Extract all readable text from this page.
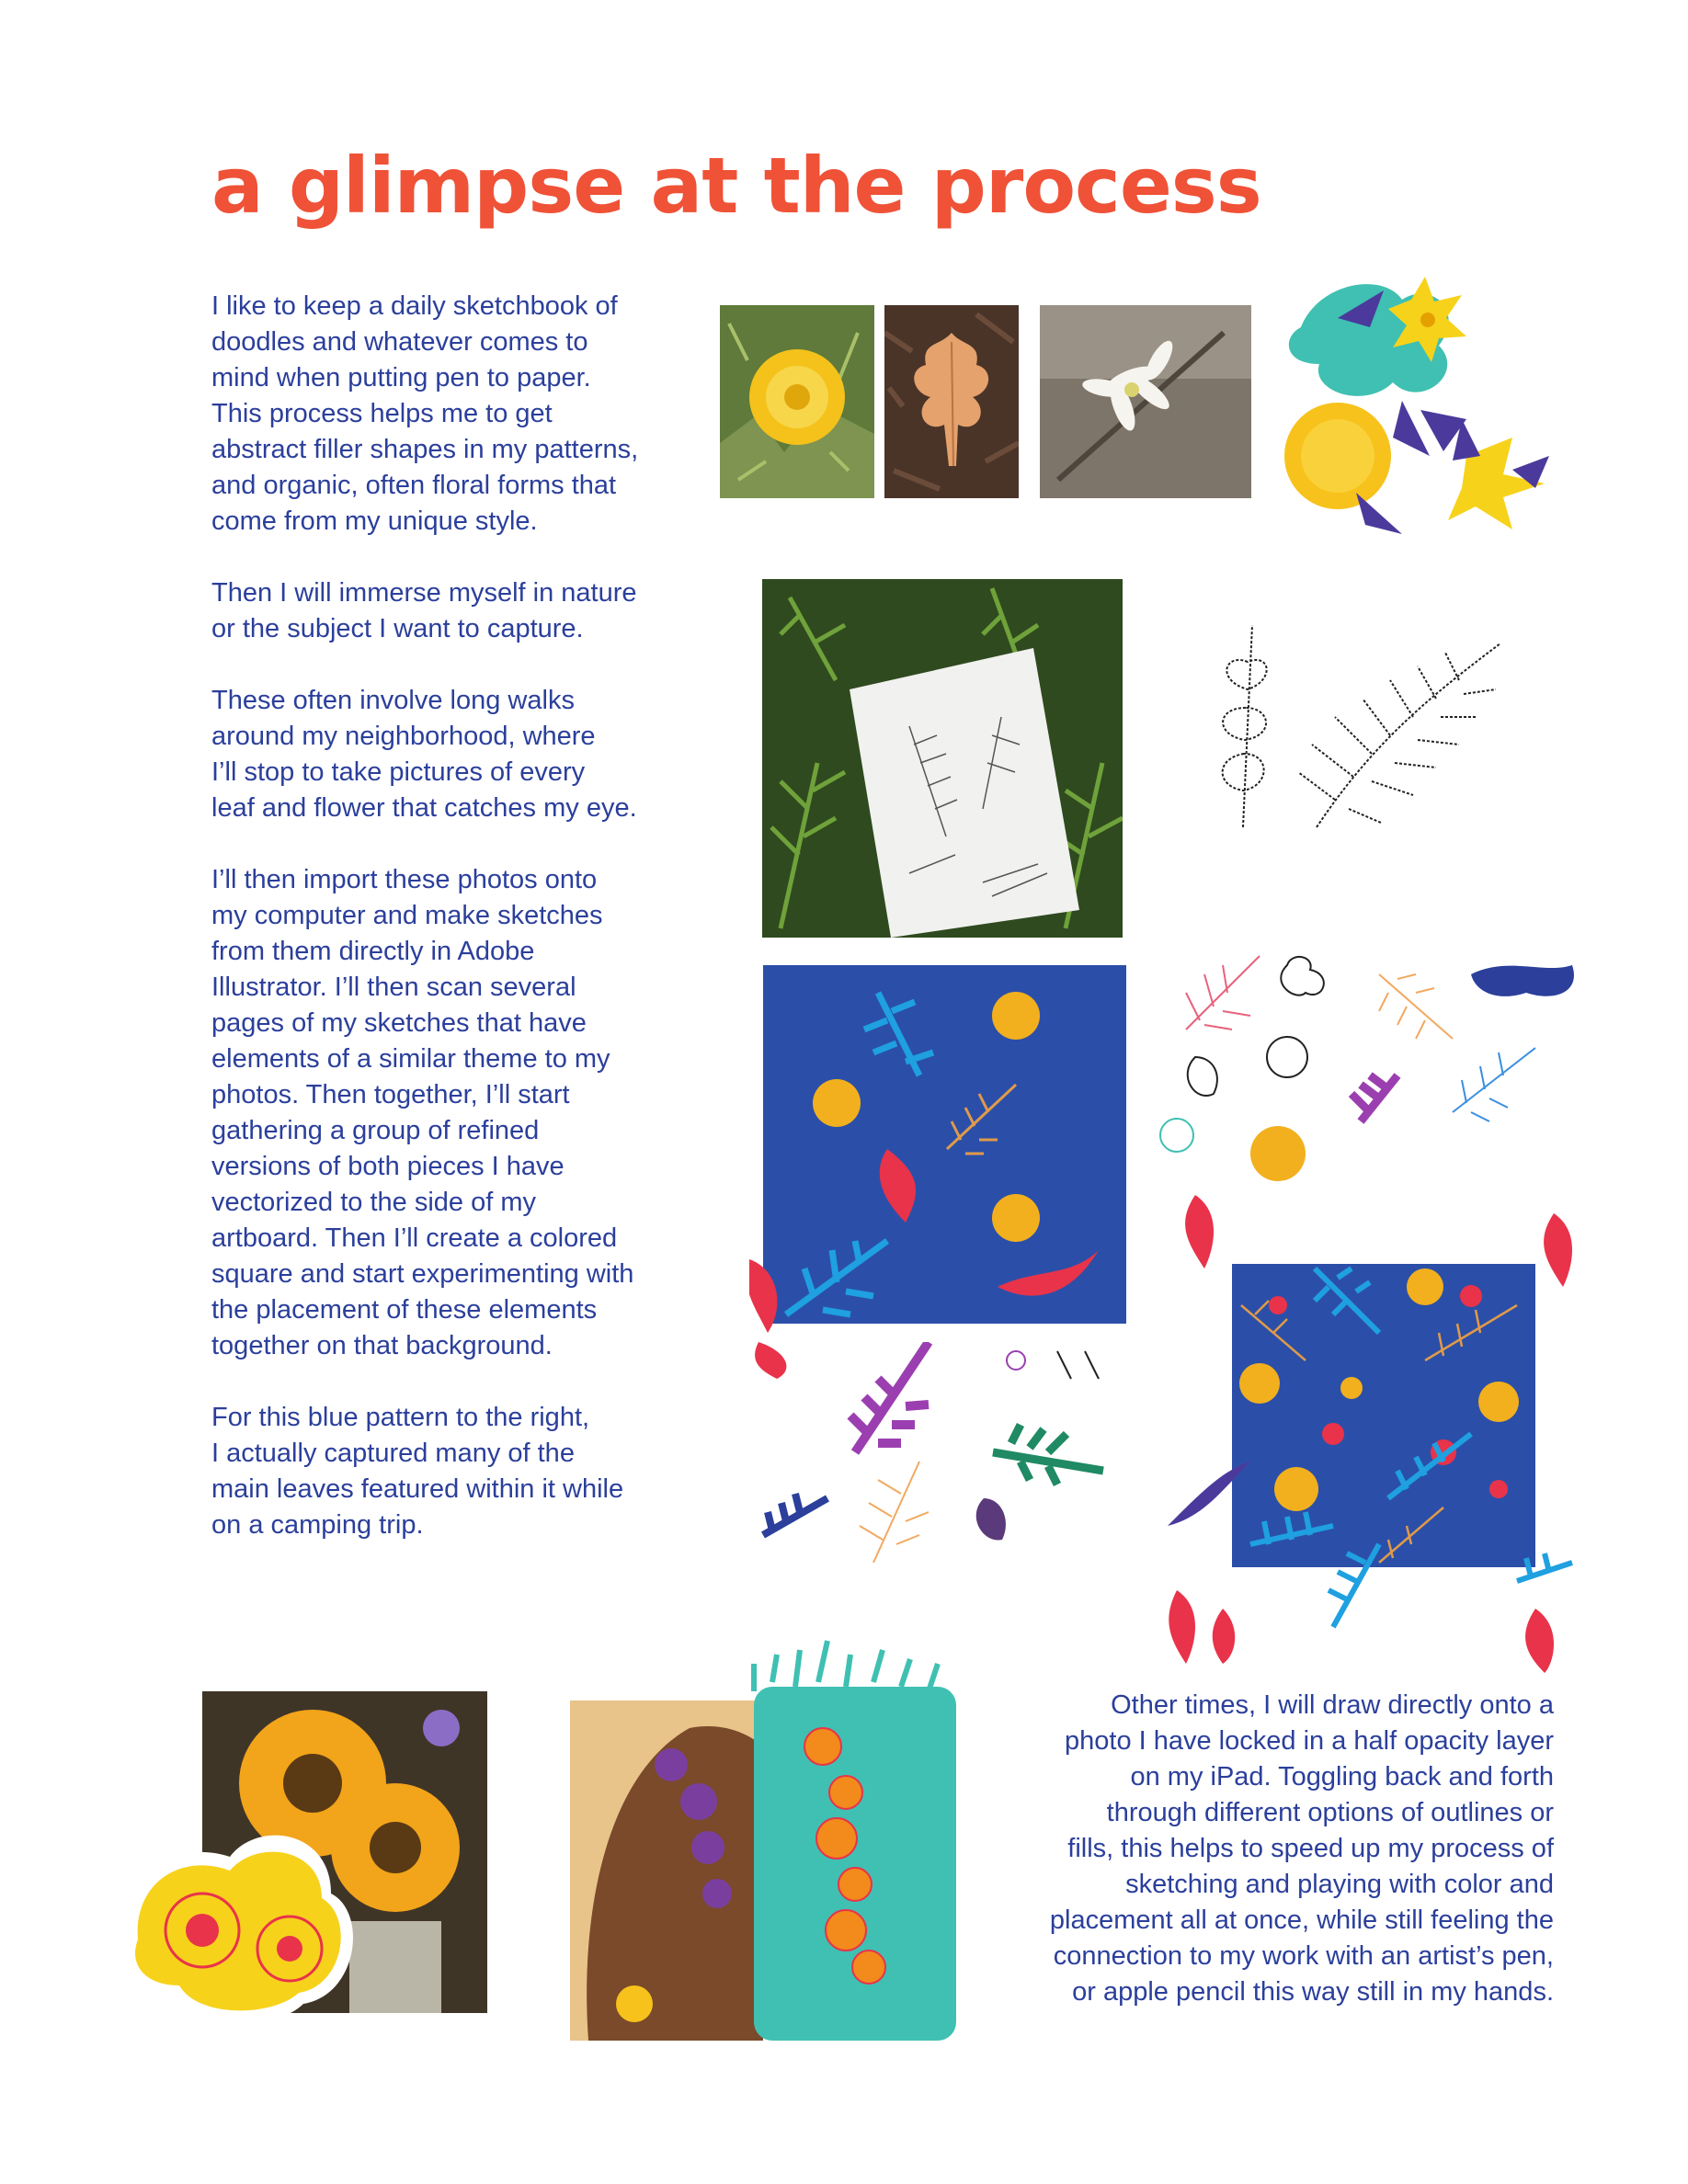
a glimpse at the process

I like to keep a daily sketchbook of
doodles and whatever comes to
mind when putting pen to paper.
This process helps me to get
abstract filler shapes in my patterns,
and organic, often floral forms that
come from my unique style.

Then I will immerse myself in nature
or the subject I want to capture.

These often involve long walks
around my neighborhood, where
I’ll stop to take pictures of every
leaf and flower that catches my eye.

I’ll then import these photos onto
my computer and make sketches
from them directly in Adobe
Illustrator. I’ll then scan several
pages of my sketches that have
elements of a similar theme to my
photos. Then together, I’ll start
gathering a group of refined
versions of both pieces I have
vectorized to the side of my
artboard. Then I’ll create a colored
square and start experimenting with
the placement of these elements
together on that background.

For this blue pattern to the right,
I actually captured many of the
main leaves featured within it while
on a camping trip.

Other times, I will draw directly onto a
photo I have locked in a half opacity layer
on my iPad. Toggling back and forth
through different options of outlines or
fills, this helps to speed up my process of
sketching and playing with color and
placement all at once, while still feeling the
connection to my work with an artist’s pen,
or apple pencil this way still in my hands.
